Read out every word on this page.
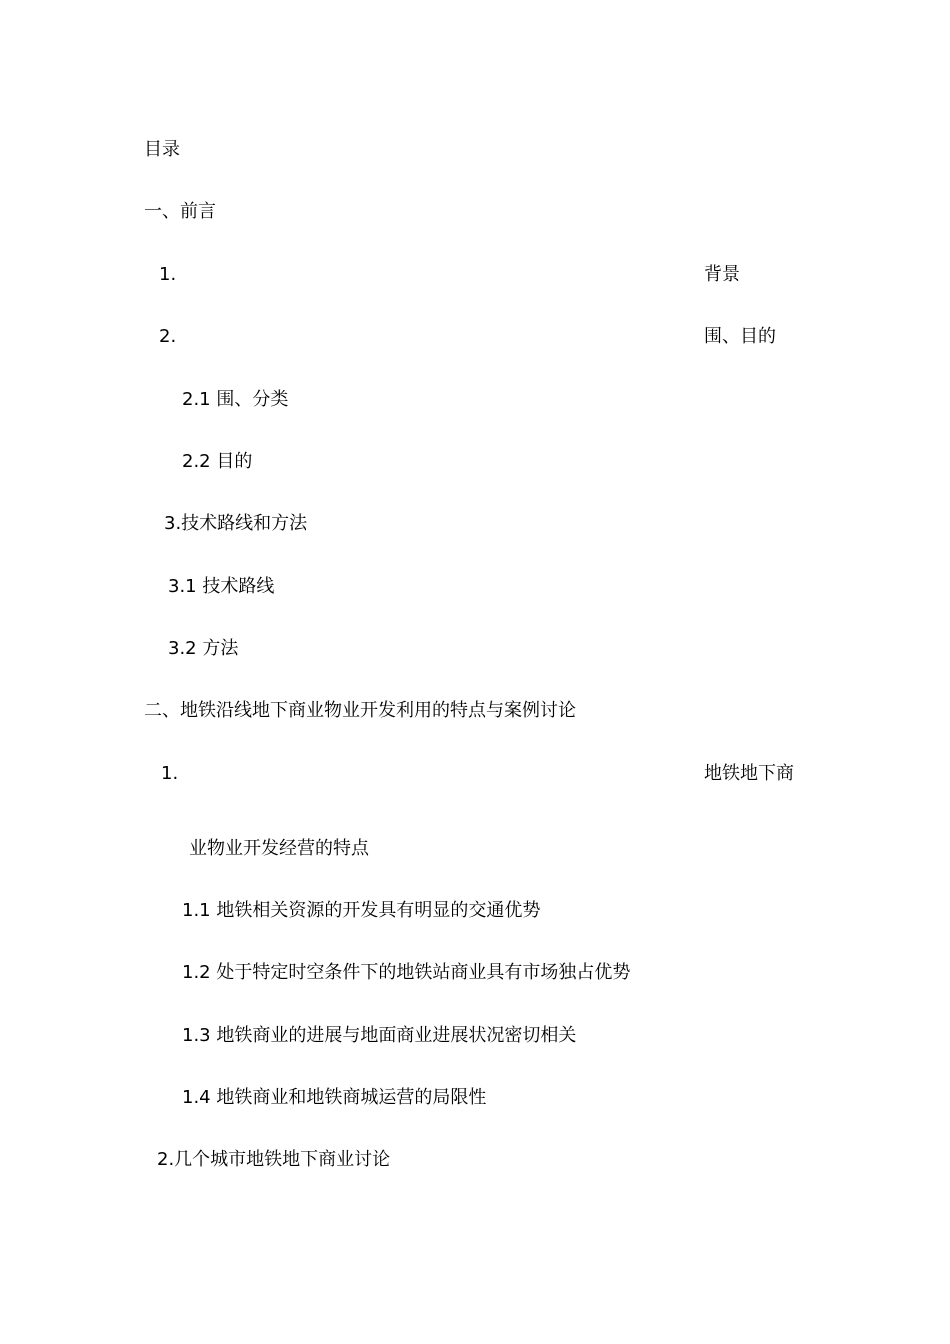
目录
一、前言
1.	背景
2.	围、目的
2.1 围、分类
2.2 目的
3.技术路线和方法
3.1 技术路线
3.2 方法
二、地铁沿线地下商业物业开发利用的特点与案例讨论
1.	地铁地下商
业物业开发经营的特点
1.1 地铁相关资源的开发具有明显的交通优势
1.2 处于特定时空条件下的地铁站商业具有市场独占优势
1.3 地铁商业的进展与地面商业进展状况密切相关
1.4 地铁商业和地铁商城运营的局限性
2.几个城市地铁地下商业讨论
